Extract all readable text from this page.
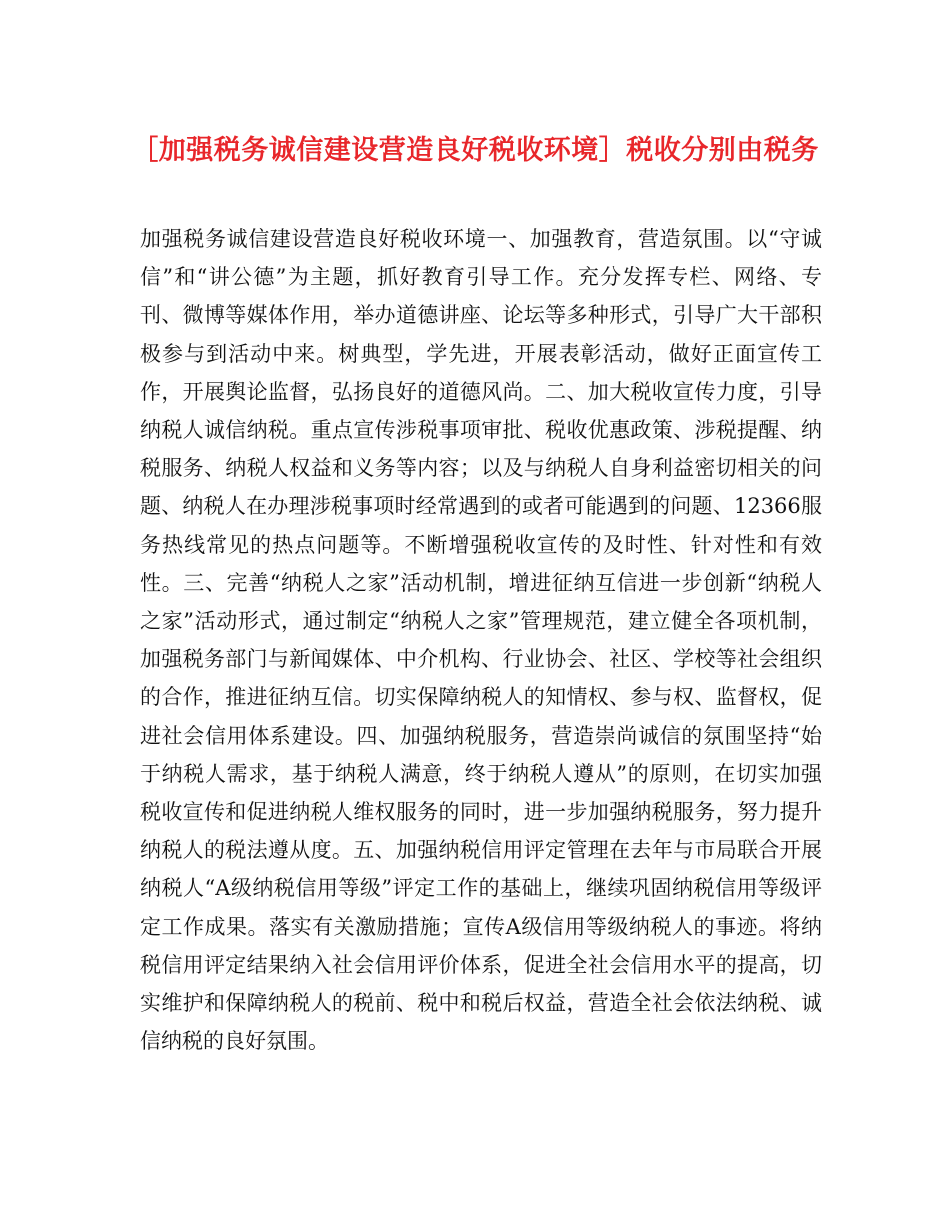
［加强税务诚信建设营造良好税收环境］税收分别由税务

加强税务诚信建设营造良好税收环境一、加强教育，营造氛围。以“守诚信”和“讲公德”为主题，抓好教育引导工作。充分发挥专栏、网络、专刊、微博等媒体作用，举办道德讲座、论坛等多种形式，引导广大干部积极参与到活动中来。树典型，学先进，开展表彰活动，做好正面宣传工作，开展舆论监督，弘扬良好的道德风尚。二、加大税收宣传力度，引导纳税人诚信纳税。重点宣传涉税事项审批、税收优惠政策、涉税提醒、纳税服务、纳税人权益和义务等内容；以及与纳税人自身利益密切相关的问题、纳税人在办理涉税事项时经常遇到的或者可能遇到的问题、12366服务热线常见的热点问题等。不断增强税收宣传的及时性、针对性和有效性。三、完善“纳税人之家”活动机制，增进征纳互信进一步创新“纳税人之家”活动形式，通过制定“纳税人之家”管理规范，建立健全各项机制，加强税务部门与新闻媒体、中介机构、行业协会、社区、学校等社会组织的合作，推进征纳互信。切实保障纳税人的知情权、参与权、监督权，促进社会信用体系建设。四、加强纳税服务，营造崇尚诚信的氛围坚持“始于纳税人需求，基于纳税人满意，终于纳税人遵从”的原则，在切实加强税收宣传和促进纳税人维权服务的同时，进一步加强纳税服务，努力提升纳税人的税法遵从度。五、加强纳税信用评定管理在去年与市局联合开展纳税人“A级纳税信用等级”评定工作的基础上，继续巩固纳税信用等级评定工作成果。落实有关激励措施；宣传A级信用等级纳税人的事迹。将纳税信用评定结果纳入社会信用评价体系，促进全社会信用水平的提高，切实维护和保障纳税人的税前、税中和税后权益，营造全社会依法纳税、诚信纳税的良好氛围。
